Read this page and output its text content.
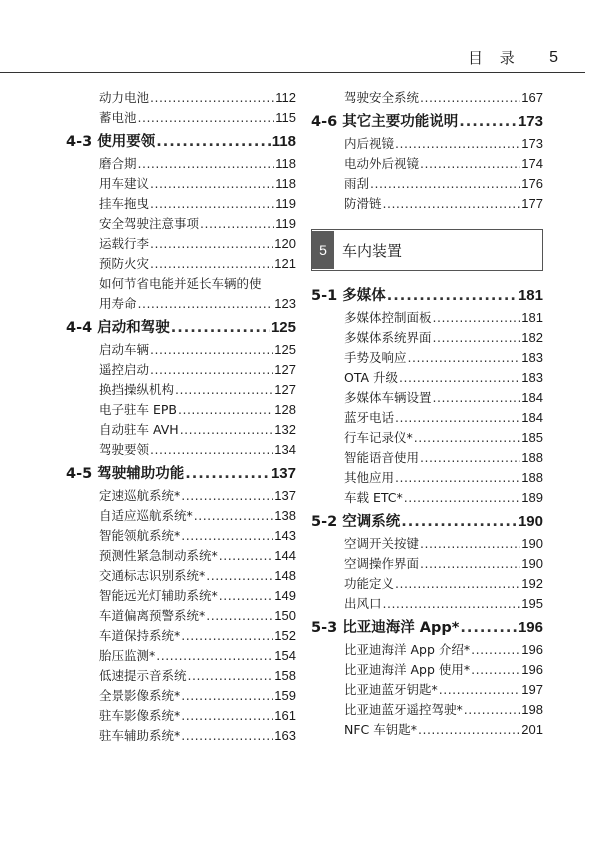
目 录 5
动力电池 .....	112
蓄电池 .....	115
4-3 使用要领 .....	118
磨合期 .....	118
用车建议 .....	118
挂车拖曳 .....	119
安全驾驶注意事项 .....	119
运载行李 .....	120
预防火灾 .....	121
如何节省电能并延长车辆的使
用寿命 .....	123
4-4 启动和驾驶 .....	125
启动车辆 .....	125
遥控启动 .....	127
换挡操纵机构 .....	127
电子驻车 EPB .....	128
自动驻车 AVH .....	132
驾驶要领 .....	134
4-5 驾驶辅助功能 .....	137
定速巡航系统* .....	137
自适应巡航系统* .....	138
智能领航系统* .....	143
预测性紧急制动系统* .....	144
交通标志识别系统* .....	148
智能远光灯辅助系统* .....	149
车道偏离预警系统* .....	150
车道保持系统* .....	152
胎压监测* .....	154
低速提示音系统 .....	158
全景影像系统* .....	159
驻车影像系统* .....	161
驻车辅助系统* .....	163
驾驶安全系统 .....	167
4-6 其它主要功能说明 .....	173
内后视镜 .....	173
电动外后视镜 .....	174
雨刮 .....	176
防滑链 .....	177
5	车内装置
5-1 多媒体 .....	181
多媒体控制面板 .....	181
多媒体系统界面 .....	182
手势及响应 .....	183
OTA 升级 .....	183
多媒体车辆设置 .....	184
蓝牙电话 .....	184
行车记录仪* .....	185
智能语音使用 .....	188
其他应用 .....	188
车载 ETC* .....	189
5-2 空调系统 .....	190
空调开关按键 .....	190
空调操作界面 .....	190
功能定义 .....	192
出风口 .....	195
5-3 比亚迪海洋 App* .....	196
比亚迪海洋 App 介绍* .....	196
比亚迪海洋 App 使用* .....	196
比亚迪蓝牙钥匙* .....	197
比亚迪蓝牙遥控驾驶* .....	198
NFC 车钥匙* .....	201
